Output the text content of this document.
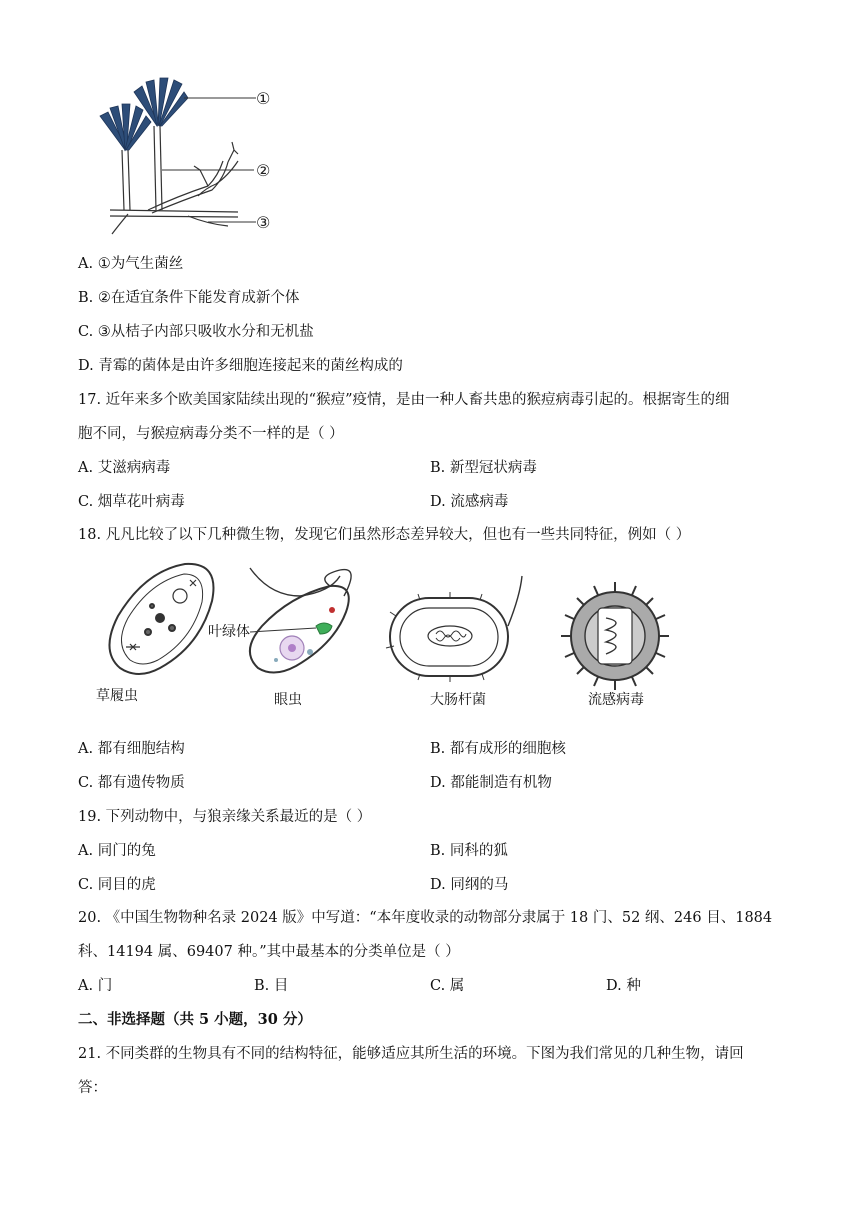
①
②
③
A. ①为气生菌丝
B. ②在适宜条件下能发育成新个体
C. ③从桔子内部只吸收水分和无机盐
D. 青霉的菌体是由许多细胞连接起来的菌丝构成的
17. 近年来多个欧美国家陆续出现的“猴痘”疫情，是由一种人畜共患的猴痘病毒引起的。根据寄生的细
胞不同，与猴痘病毒分类不一样的是（ ）
A. 艾滋病病毒	B. 新型冠状病毒
C. 烟草花叶病毒	D. 流感病毒
18. 凡凡比较了以下几种微生物，发现它们虽然形态差异较大，但也有一些共同特征，例如（ ）
草履虫
叶绿体
眼虫	大肠杆菌	流感病毒
A. 都有细胞结构	B. 都有成形的细胞核
C. 都有遗传物质	D. 都能制造有机物
19. 下列动物中，与狼亲缘关系最近的是（ ）
A. 同门的兔	B. 同科的狐
C. 同目的虎	D. 同纲的马
20. 《中国生物物种名录 2024 版》中写道：“本年度收录的动物部分隶属于 18 门、52 纲、246 目、1884
科、14194 属、69407 种。”其中最基本的分类单位是（ ）
A. 门	B. 目	C. 属	D. 种
二、非选择题（共 5 小题，30 分）
21. 不同类群的生物具有不同的结构特征，能够适应其所生活的环境。下图为我们常见的几种生物，请回
答：
